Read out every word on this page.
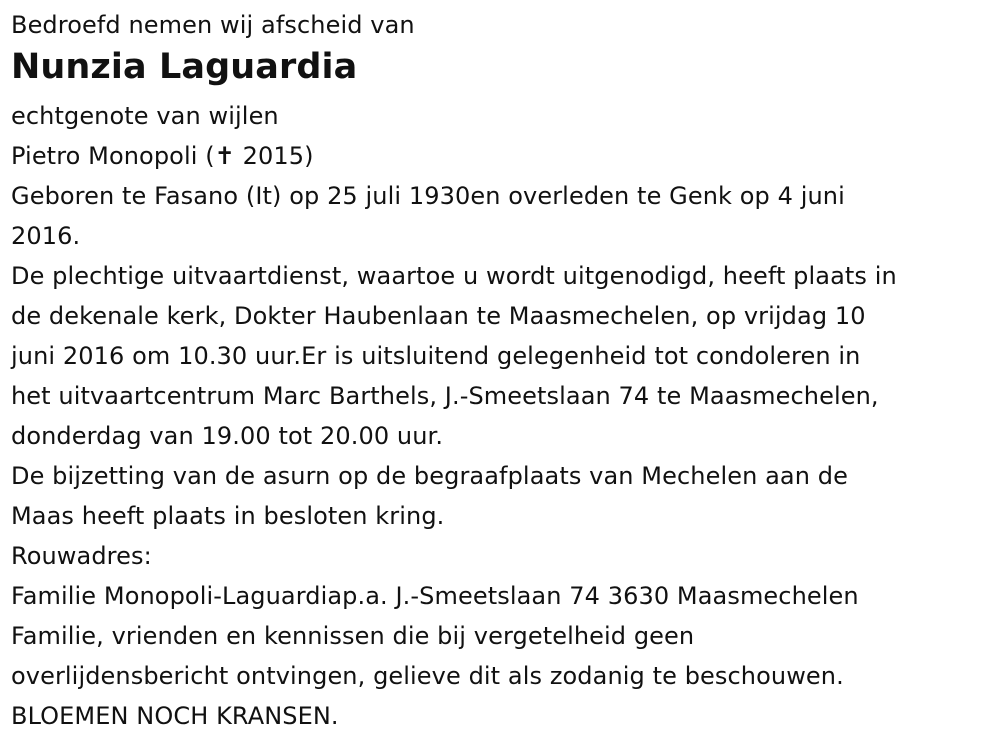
Bedroefd nemen wij afscheid van
Nunzia Laguardia
echtgenote van wijlen
Pietro Monopoli (✝ 2015)
Geboren te Fasano (It) op 25 juli 1930en overleden te Genk op 4 juni
2016.
De plechtige uitvaartdienst, waartoe u wordt uitgenodigd, heeft plaats in
de dekenale kerk, Dokter Haubenlaan te Maasmechelen, op vrijdag 10
juni 2016 om 10.30 uur.Er is uitsluitend gelegenheid tot condoleren in
het uitvaartcentrum Marc Barthels, J.-Smeetslaan 74 te Maasmechelen,
donderdag van 19.00 tot 20.00 uur.
De bijzetting van de asurn op de begraafplaats van Mechelen aan de
Maas heeft plaats in besloten kring.
Rouwadres:
Familie Monopoli-Laguardiap.a. J.-Smeetslaan 74 3630 Maasmechelen
Familie, vrienden en kennissen die bij vergetelheid geen
overlijdensbericht ontvingen, gelieve dit als zodanig te beschouwen.
BLOEMEN NOCH KRANSEN.
